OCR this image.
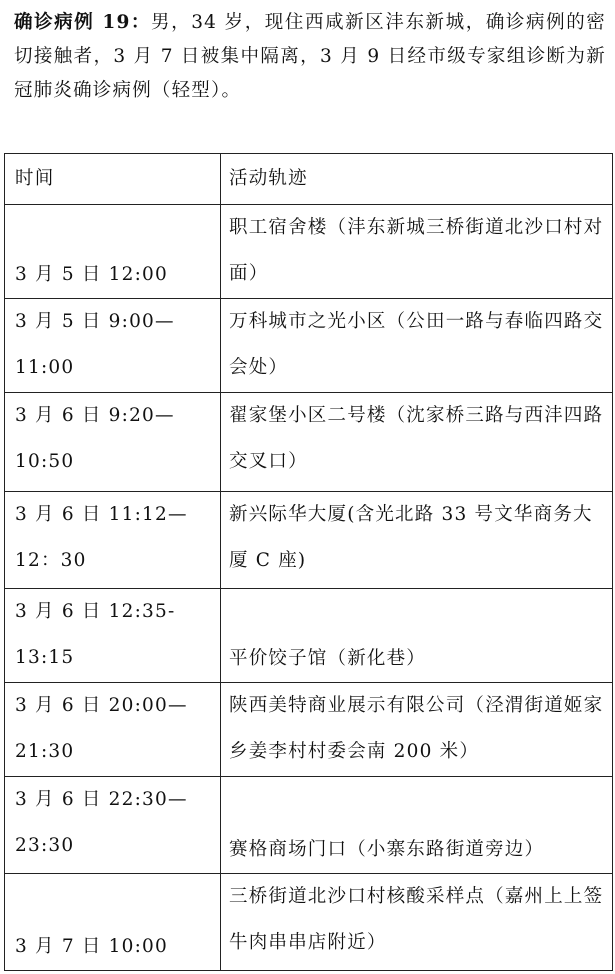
确诊病例 19：男，34 岁，现住西咸新区沣东新城，确诊病例的密切接触者，3 月 7 日被集中隔离，3 月 9 日经市级专家组诊断为新冠肺炎确诊病例（轻型）。
时间	活动轨迹

3 月 5 日 12:00	职工宿舍楼（沣东新城三桥街道北沙口村对面）

3 月 5 日 9:00—11:00	万科城市之光小区（公田一路与春临四路交会处）

3 月 6 日 9:20—10:50	翟家堡小区二号楼（沈家桥三路与西沣四路交叉口）

3 月 6 日 11:12—12：30	新兴际华大厦(含光北路 33 号文华商务大厦 C 座)

3 月 6 日 12:35-13:15	平价饺子馆（新化巷）

3 月 6 日 20:00—21:30	陕西美特商业展示有限公司（泾渭街道姬家乡姜李村村委会南 200 米）

3 月 6 日 22:30—23:30	赛格商场门口（小寨东路街道旁边）

3 月 7 日 10:00	三桥街道北沙口村核酸采样点（嘉州上上签牛肉串串店附近）
